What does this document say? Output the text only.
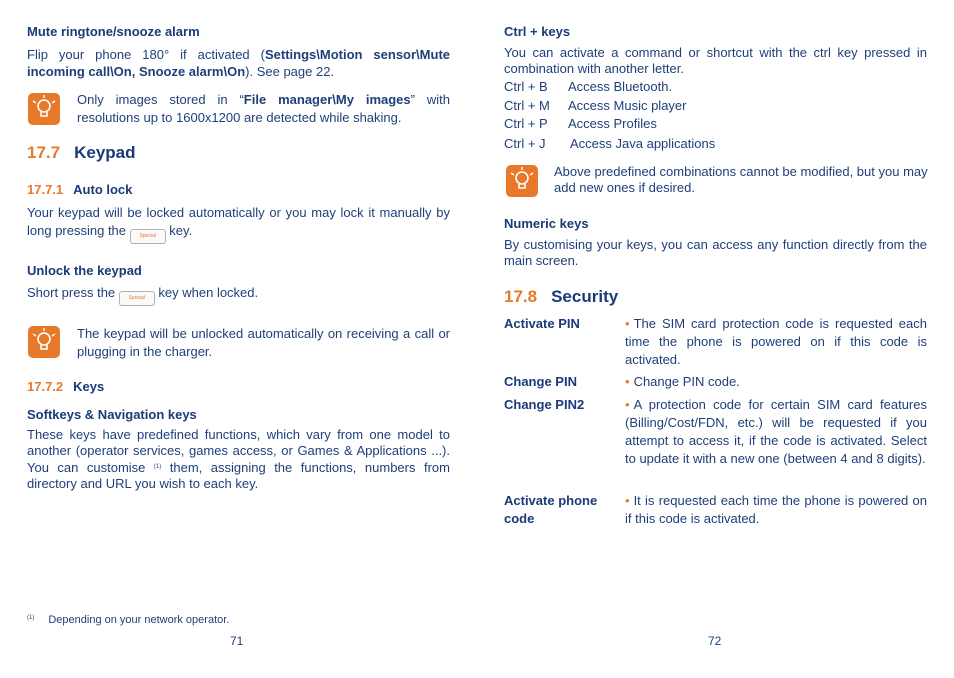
Mute ringtone/snooze alarm

Flip your phone 180° if activated (Settings\Motion sensor\Mute incoming call\On, Snooze alarm\On). See page 22.

Only images stored in “File manager\My images” with resolutions up to 1600x1200 are detected while shaking.

17.7 Keypad

17.7.1 Auto lock

Your keypad will be locked automatically or you may lock it manually by long pressing the	Special key.

Unlock the keypad

Short press the	Special key when locked.

The keypad will be unlocked automatically on receiving a call or plugging in the charger.

17.7.2 Keys

Softkeys & Navigation keys

These keys have predefined functions, which vary from one model to another (operator services, games access, or Games & Applications ...). You can customise $^{(1)}$ them, assigning the functions, numbers from directory and URL you wish to each key.

$^{(1)}$ Depending on your network operator.
71

Ctrl + keys

You can activate a command or shortcut with the ctrl key pressed in combination with another letter.

Ctrl + B Access Bluetooth.
Ctrl + M Access Music player
Ctrl + P Access Profiles
Ctrl + J Access Java applications

Above predefined combinations cannot be modified, but you may add new ones if desired.

Numeric keys

By customising your keys, you can access any function directly from the main screen.

17.8 Security

Activate PIN	• The SIM card protection code is requested each time the phone is powered on if this code is activated.
Change PIN	• Change PIN code.
Change PIN2	• A protection code for certain SIM card features (Billing/Cost/FDN, etc.) will be requested if you attempt to access it, if the code is activated. Select to update it with a new one (between 4 and 8 digits).
Activate phone code
• It is requested each time the phone is powered on if this code is activated.
72
